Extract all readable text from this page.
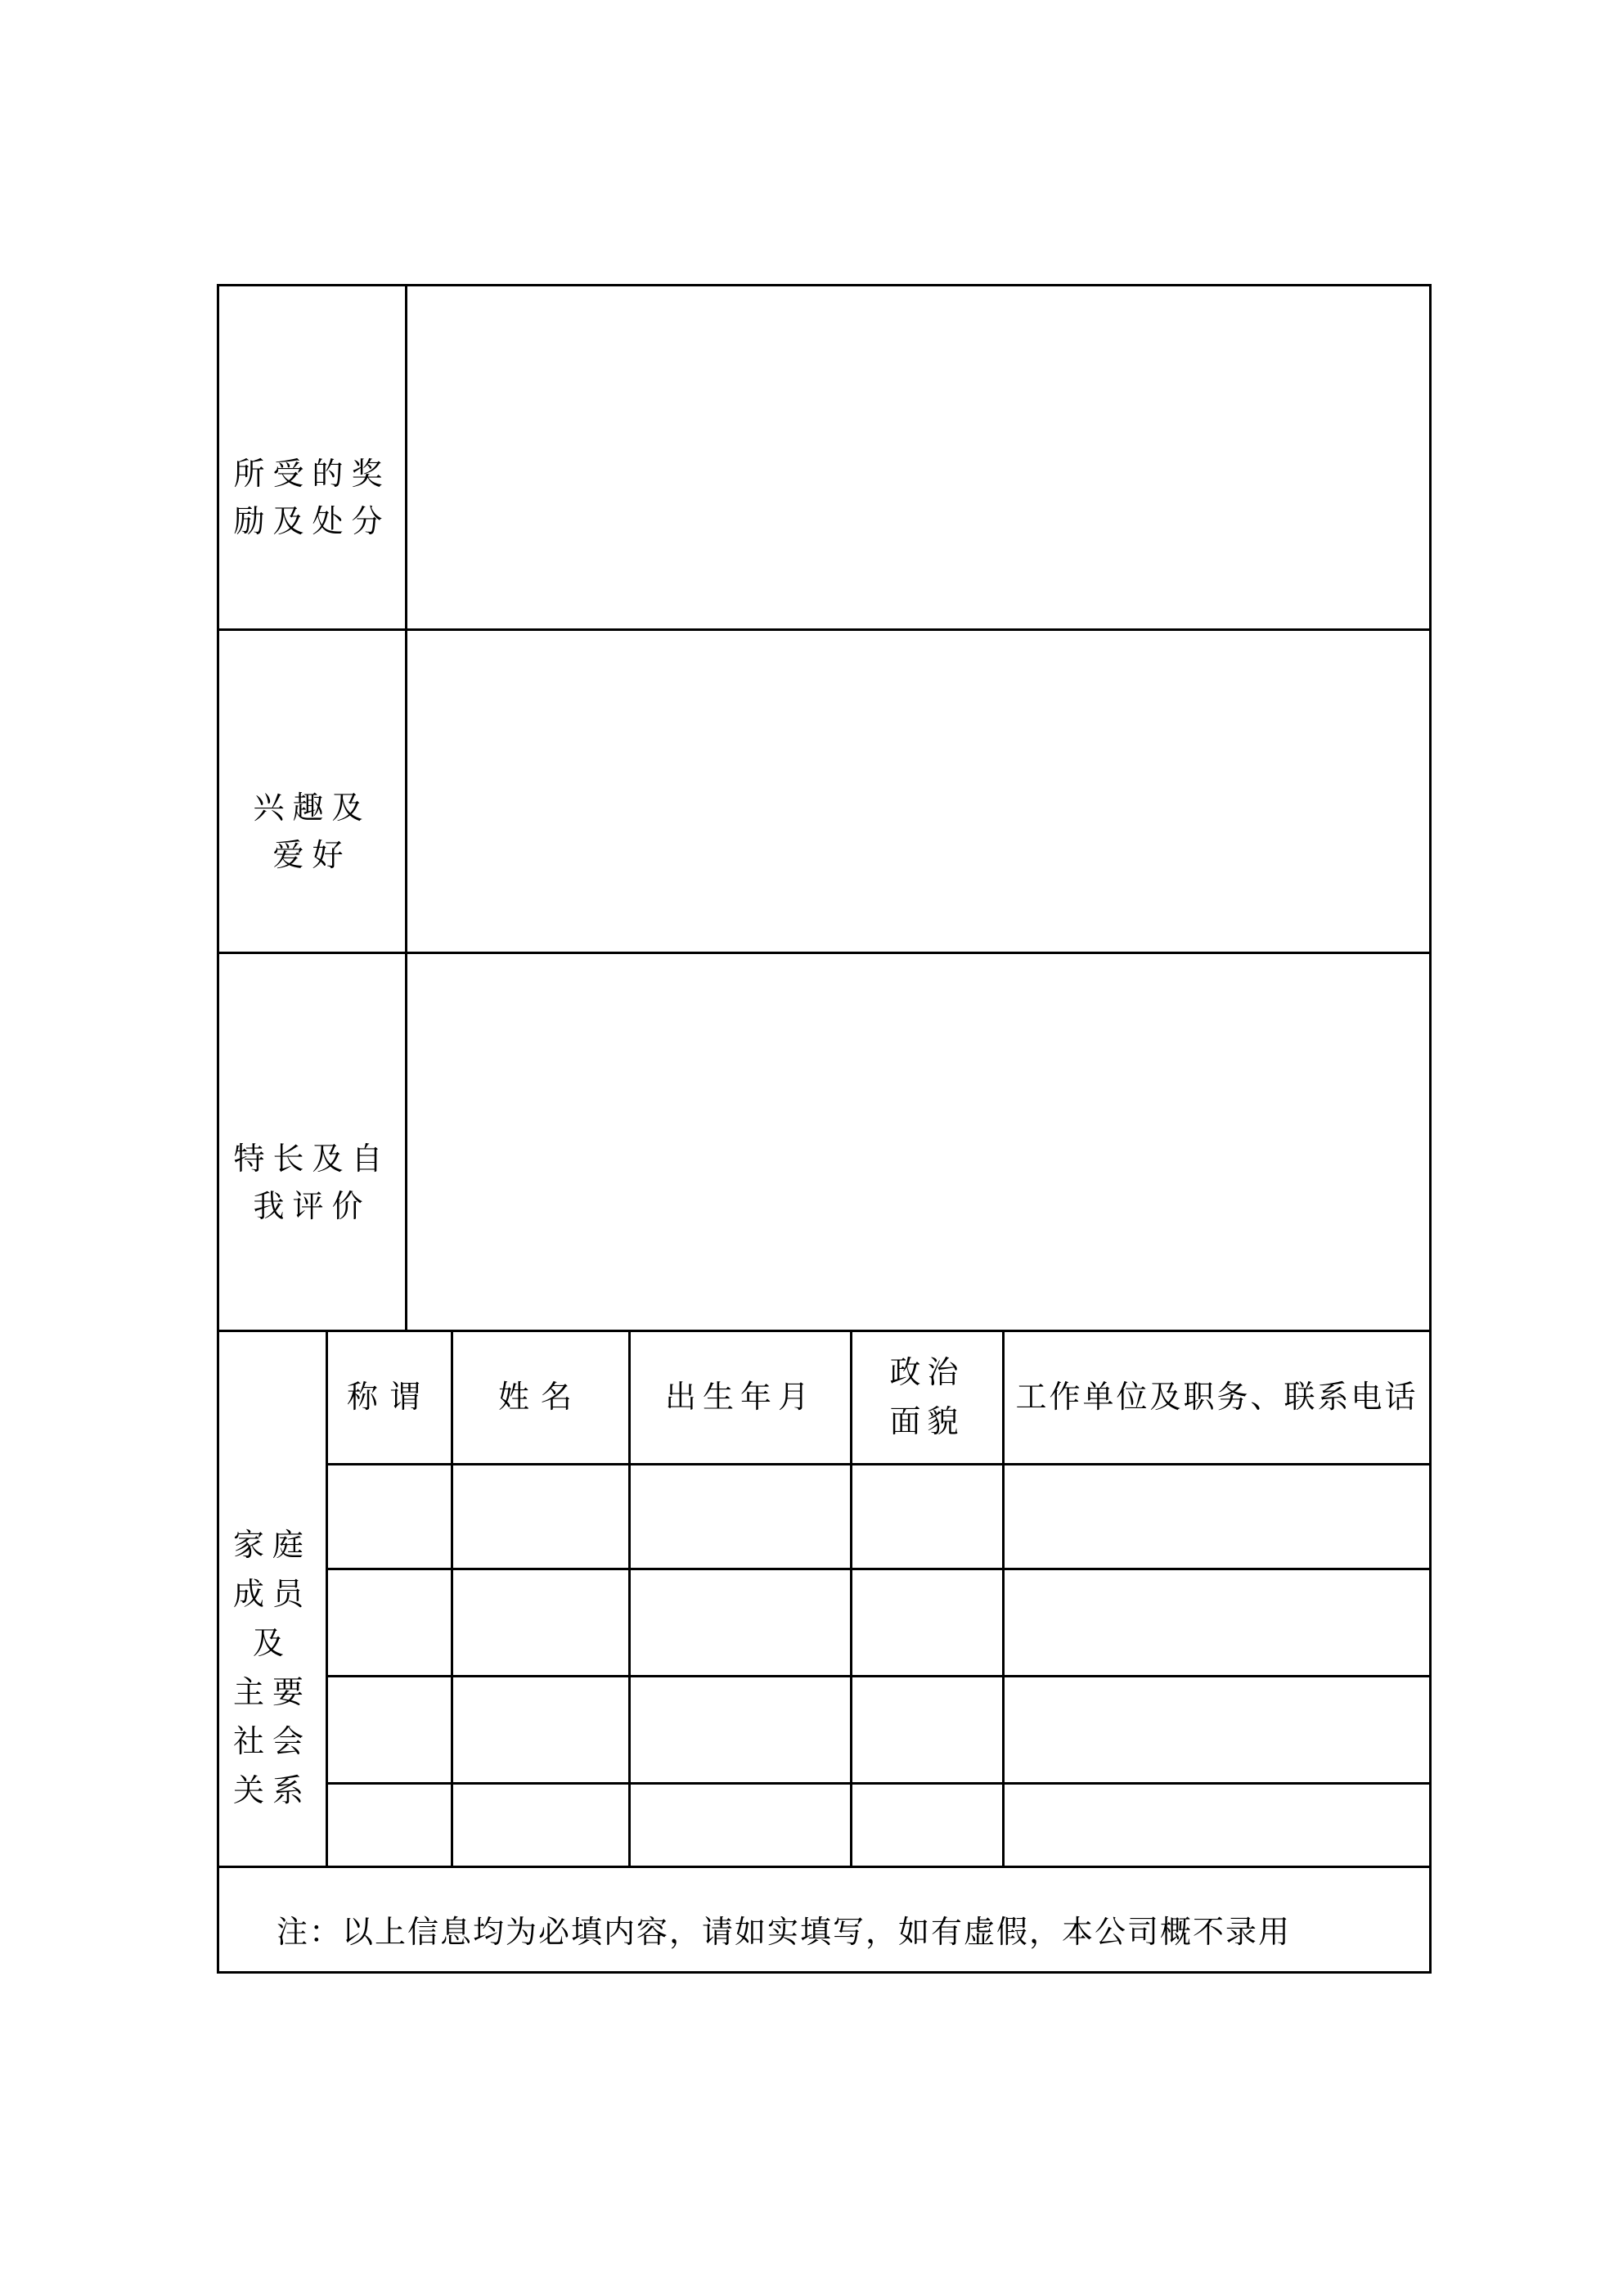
所受的奖
励及处分
兴趣及
爱好
特长及自
我评价
家庭
成员
及
主要
社会
关系
称谓 姓名	出生年月
政治
面貌
工作单位及职务、联系电话
注：以上信息均为必填内容，请如实填写，如有虚假，本公司概不录用
